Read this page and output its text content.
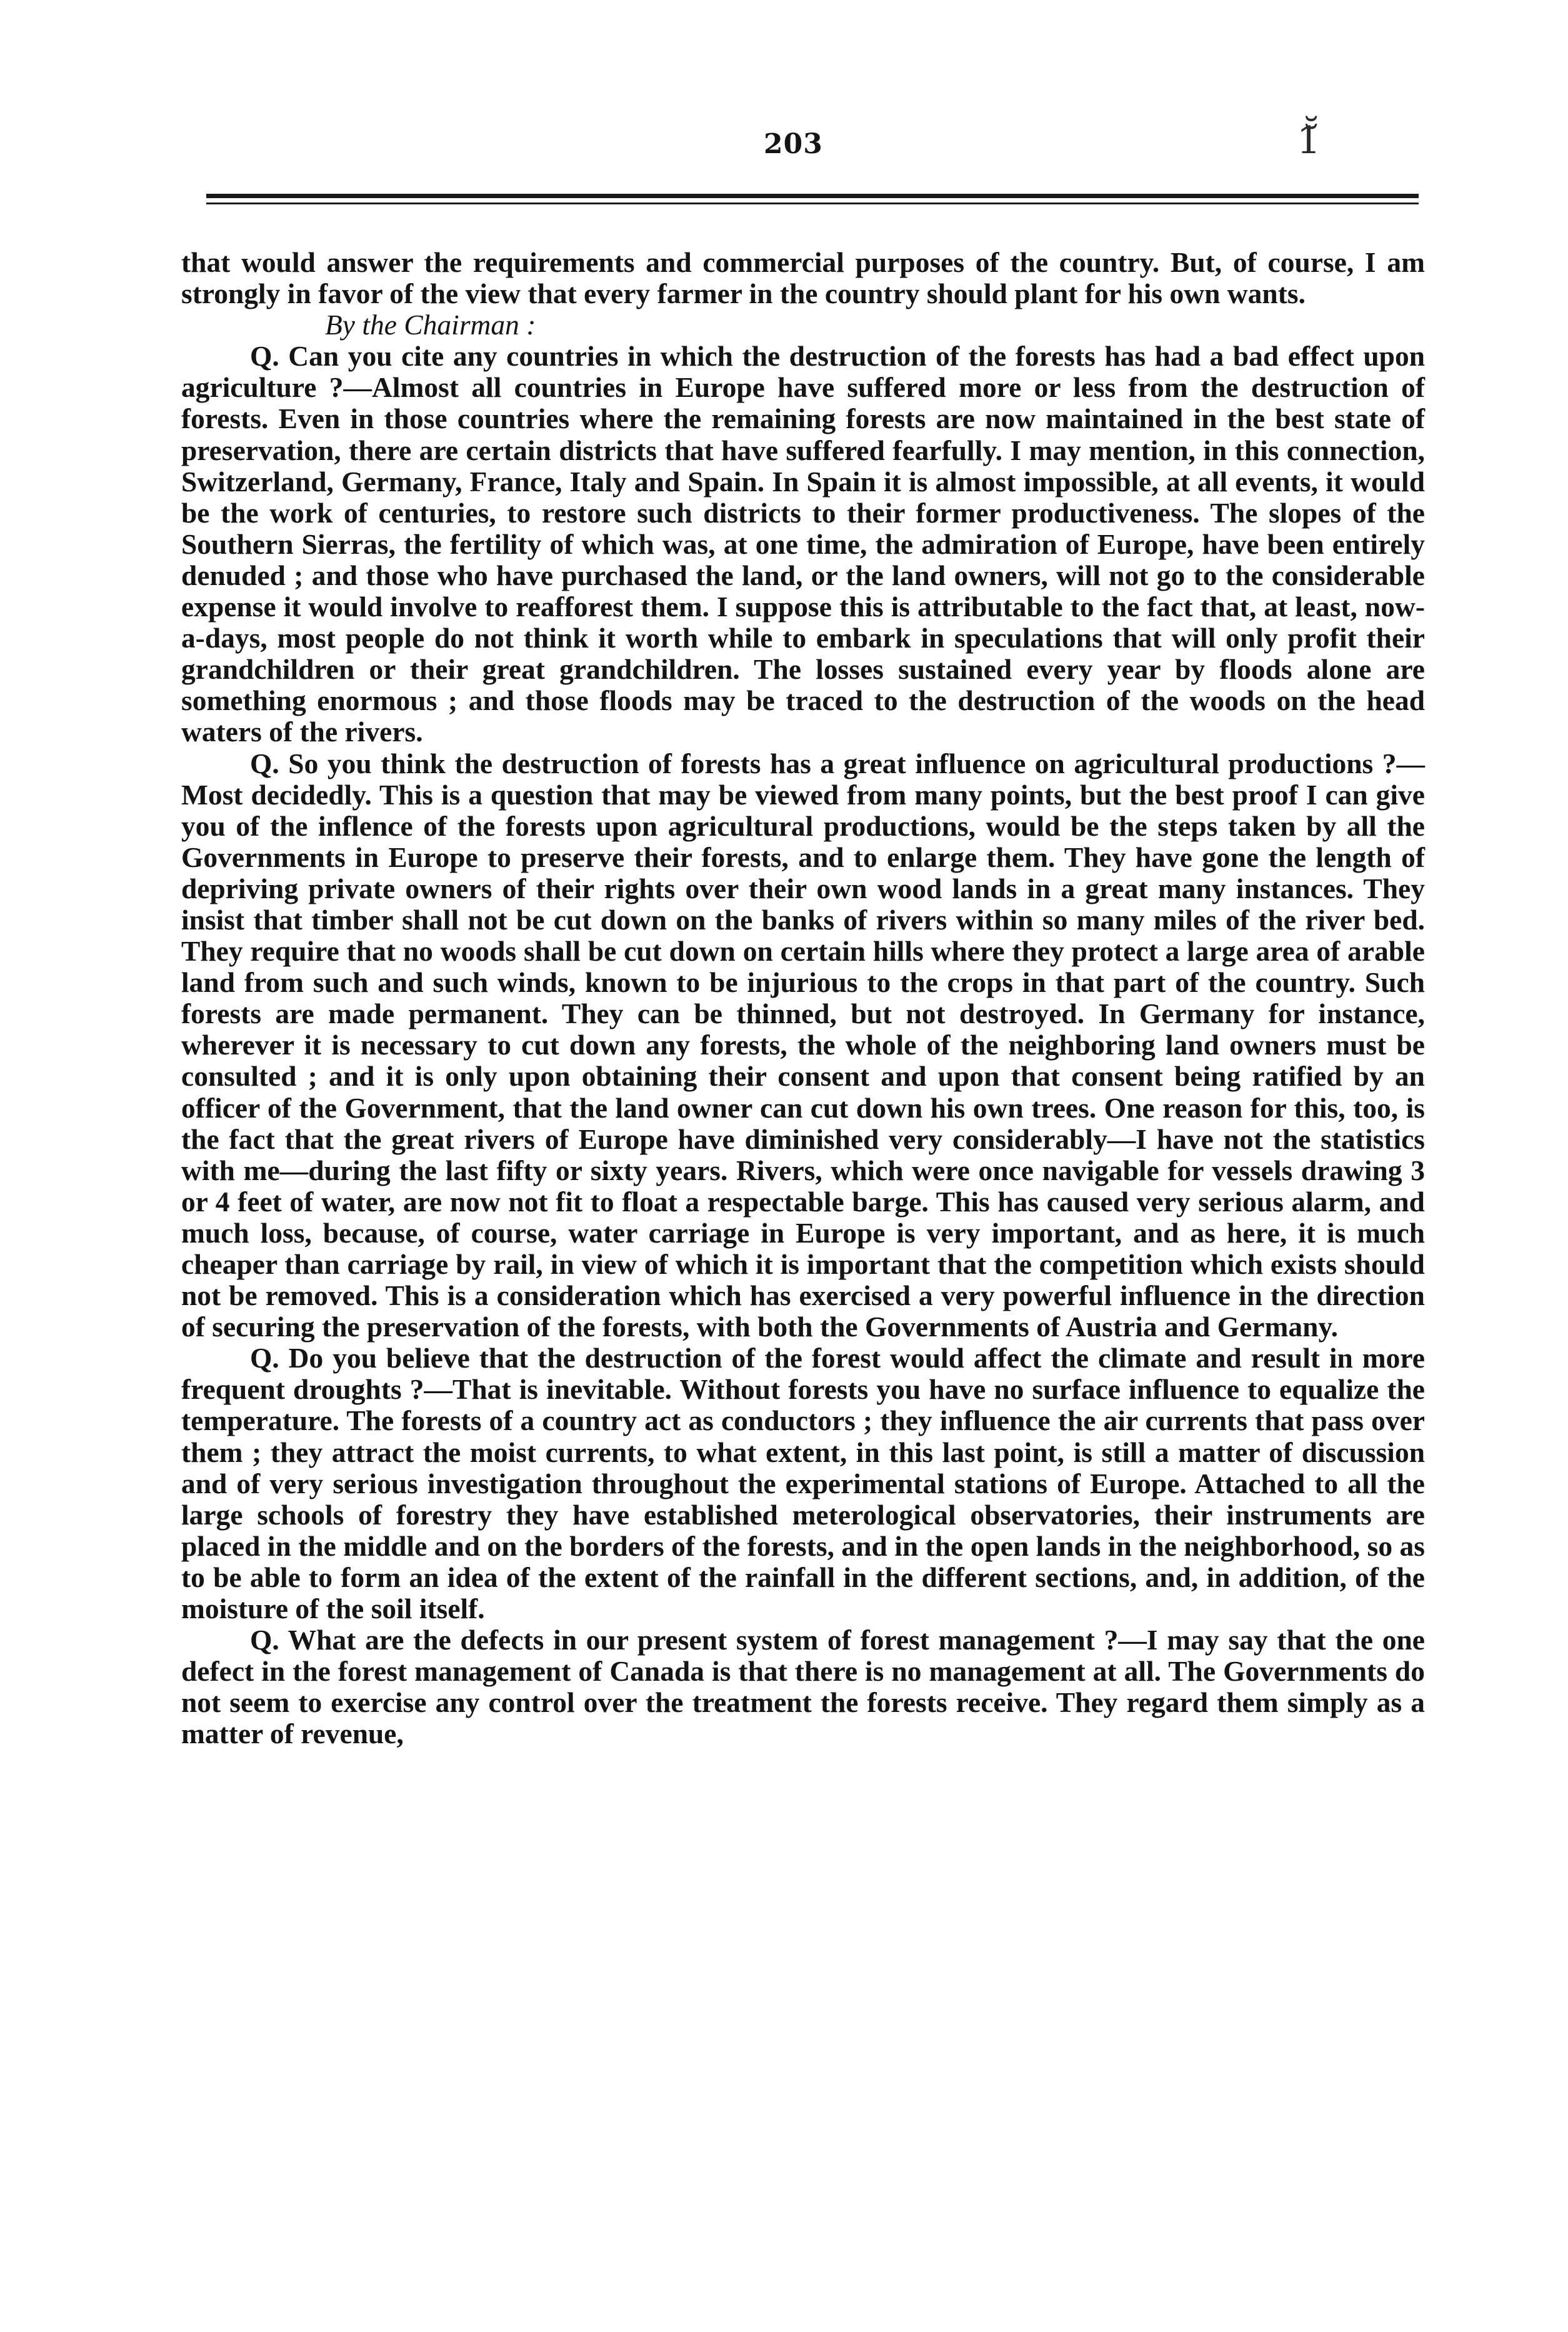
203	1̆̆

that would answer the requirements and commercial purposes of the country. But, of course, I am strongly in favor of the view that every farmer in the country should plant for his own wants.

By the Chairman :

Q. Can you cite any countries in which the destruction of the forests has had a bad effect upon agriculture ?—Almost all countries in Europe have suffered more or less from the destruction of forests. Even in those countries where the remaining forests are now maintained in the best state of preservation, there are certain districts that have suffered fearfully. I may mention, in this connection, Switzerland, Germany, France, Italy and Spain. In Spain it is almost impossible, at all events, it would be the work of centuries, to restore such districts to their former productiveness. The slopes of the Southern Sierras, the fertility of which was, at one time, the admiration of Europe, have been entirely denuded ; and those who have purchased the land, or the land owners, will not go to the considerable expense it would involve to reafforest them. I suppose this is attributable to the fact that, at least, now-a-days, most people do not think it worth while to embark in speculations that will only profit their grandchildren or their great grandchildren. The losses sustained every year by floods alone are something enormous ; and those floods may be traced to the destruction of the woods on the head waters of the rivers.

Q. So you think the destruction of forests has a great influence on agricultural productions ?—Most decidedly. This is a question that may be viewed from many points, but the best proof I can give you of the inflence of the forests upon agricultural productions, would be the steps taken by all the Governments in Europe to preserve their forests, and to enlarge them. They have gone the length of depriving private owners of their rights over their own wood lands in a great many instances. They insist that timber shall not be cut down on the banks of rivers within so many miles of the river bed. They require that no woods shall be cut down on certain hills where they protect a large area of arable land from such and such winds, known to be injurious to the crops in that part of the country. Such forests are made permanent. They can be thinned, but not destroyed. In Germany for instance, wherever it is necessary to cut down any forests, the whole of the neighboring land owners must be consulted ; and it is only upon obtaining their consent and upon that consent being ratified by an officer of the Government, that the land owner can cut down his own trees. One reason for this, too, is the fact that the great rivers of Europe have diminished very considerably—I have not the statistics with me—during the last fifty or sixty years. Rivers, which were once navigable for vessels drawing 3 or 4 feet of water, are now not fit to float a respectable barge. This has caused very serious alarm, and much loss, because, of course, water carriage in Europe is very important, and as here, it is much cheaper than carriage by rail, in view of which it is important that the competition which exists should not be removed. This is a consideration which has exercised a very powerful influence in the direction of securing the preservation of the forests, with both the Governments of Austria and Germany.

Q. Do you believe that the destruction of the forest would affect the climate and result in more frequent droughts ?—That is inevitable. Without forests you have no surface influence to equalize the temperature. The forests of a country act as conductors ; they influence the air currents that pass over them ; they attract the moist currents, to what extent, in this last point, is still a matter of discussion and of very serious investigation throughout the experimental stations of Europe. Attached to all the large schools of forestry they have established meterological observatories, their instruments are placed in the middle and on the borders of the forests, and in the open lands in the neighborhood, so as to be able to form an idea of the extent of the rainfall in the different sections, and, in addition, of the moisture of the soil itself.

Q. What are the defects in our present system of forest management ?—I may say that the one defect in the forest management of Canada is that there is no management at all. The Governments do not seem to exercise any control over the treatment the forests receive. They regard them simply as a matter of revenue,
